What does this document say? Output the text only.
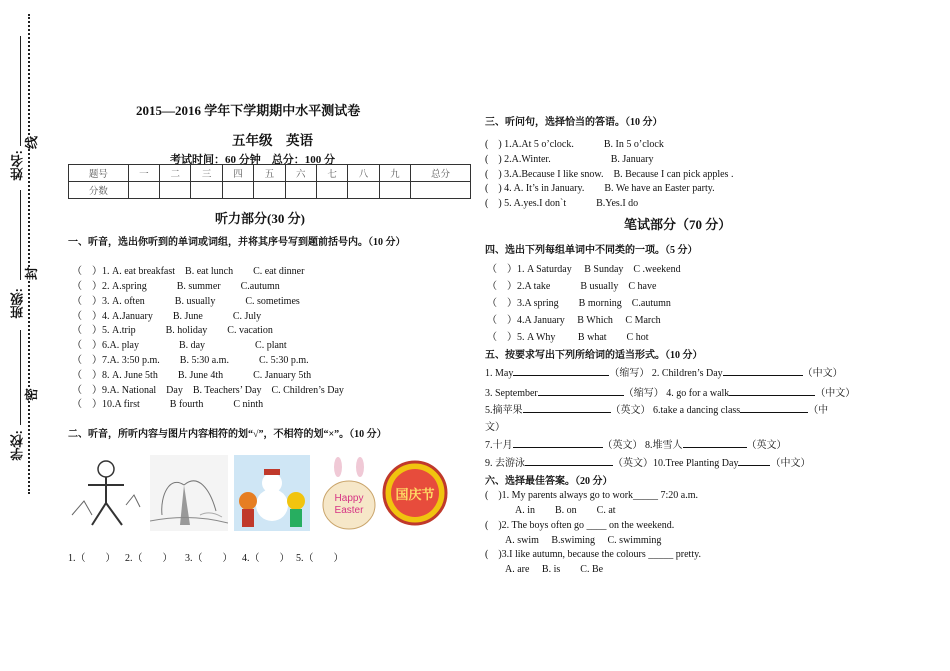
姓名:
班级:
学校:
线
封
密
2015—2016 学年下学期期中水平测试卷
五年级　英语
考试时间：60 分钟　总分：100 分
题号	一	二	三	四	五	六	七	八	九	总分
分数										
听力部分(30 分)
一、听音，选出你听到的单词或词组，并将其序号写到题前括号内。（10 分）
（　）1. A. eat breakfast　B. eat lunch　　C. eat dinner
（　）2. A.spring　　　B. summer　　C.autumn
（　）3. A. often　　　B. usually　　　C. sometimes
（　）4. A.January　　B. June　　　C. July
（　）5. A.trip　　　B. holiday　　C. vacation
（　）6.A. play　　　　B. day　　　　　C. plant
（　）7.A. 3:50 p.m.　　B. 5:30 a.m.　　　C. 5:30 p.m.
（　）8. A. June 5th　　B. June 4th　　　C. January 5th
（　）9.A. National　Day　B. Teachers’ Day　C. Children’s Day
（　）10.A first　　　B fourth　　　C ninth
二、听音，所听内容与图片内容相符的划“√”，不相符的划“×”。（10 分）
Happy
Easter
国庆节
1.（　　） 2.（　　） 3.（　　） 4.（　　） 5.（　　）
三、听问句，选择恰当的答语。（10 分）
(　) 1.A.At 5 o’clock.　　　B. In 5 o’clock
(　) 2.A.Winter.　　　　　　B. January
(　) 3.A.Because I like snow.　B. Because I can pick apples .
(　) 4. A. It’s in January.　　B. We have an Easter party.
(　) 5. A.yes.I don`t　　　B.Yes.I do
笔试部分（70 分）
四、选出下列每组单词中不同类的一项。（5 分）
（　）1. A Saturday　 B Sunday　C .weekend
（　）2.A take　　　B usually　C have
（　）3.A spring　　B morning　C.autumn
（　）4.A January　 B Which　 C March
（　）5. A Why　　 B what　　C hot
五、按要求写出下列所给词的适当形式。（10 分）
1. May	（缩写） 2. Children’s Day	（中文）
3. September	（缩写） 4. go for a walk	（中文）
5.摘苹果	（英文） 6.take a dancing class	（中
文）
7.十月	（英文） 8.堆雪人	（英文）
9. 去游泳	（英文）10.Tree Planting Day	（中文）
六、选择最佳答案。（20 分）
(　)1. My parents always go to work_____ 7:20 a.m.
　　　A. in　　B. on　　C. at
(　)2. The boys often go ____ on the weekend.
　　A. swim　 B.swiming　 C. swimming
(　)3.I like autumn, because the colours _____ pretty.
　　A. are　 B. is　　C. Be
